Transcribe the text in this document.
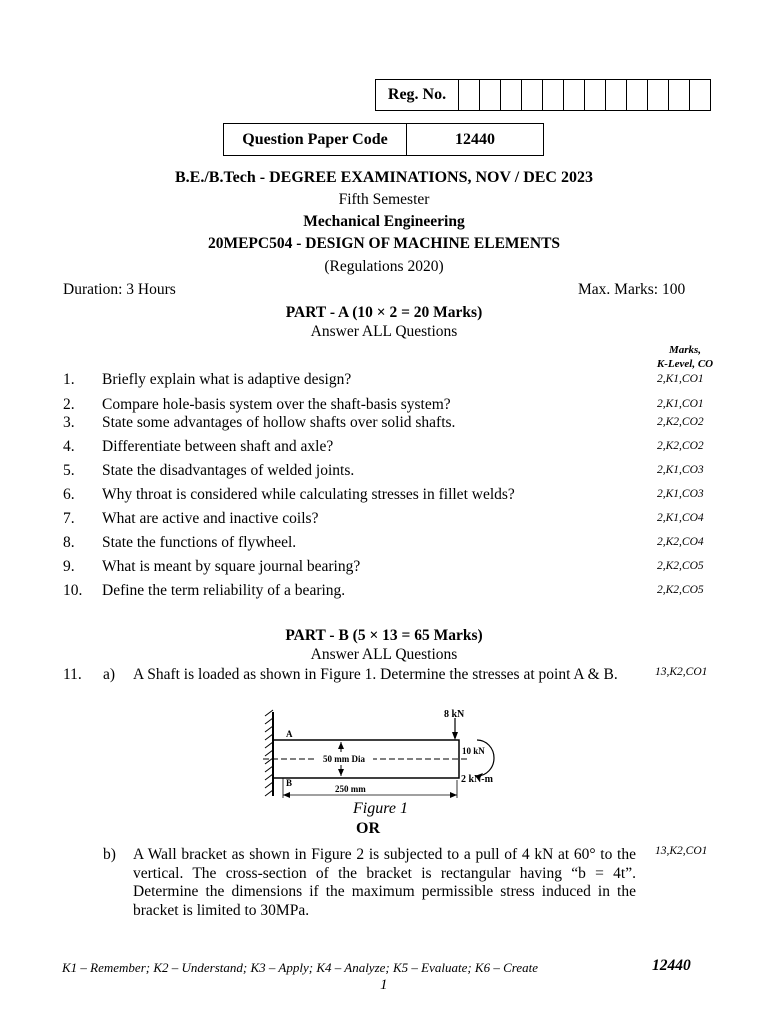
Reg. No.
Question Paper Code	12440
B.E./B.Tech - DEGREE EXAMINATIONS, NOV / DEC 2023
Fifth Semester
Mechanical Engineering
20MEPC504 - DESIGN OF MACHINE ELEMENTS
(Regulations 2020)
Duration: 3 Hours	Max. Marks: 100
PART - A (10 × 2 = 20 Marks)
Answer ALL Questions
Marks,
K-Level, CO
1. Briefly explain what is adaptive design?	2,K1,CO1
2. Compare hole-basis system over the shaft-basis system?	2,K1,CO1
3. State some advantages of hollow shafts over solid shafts.	2,K2,CO2
4. Differentiate between shaft and axle?	2,K2,CO2
5. State the disadvantages of welded joints.	2,K1,CO3
6. Why throat is considered while calculating stresses in fillet welds?	2,K1,CO3
7. What are active and inactive coils?	2,K1,CO4
8. State the functions of flywheel.	2,K2,CO4
9. What is meant by square journal bearing?	2,K2,CO5
10. Define the term reliability of a bearing.	2,K2,CO5
PART - B (5 × 13 = 65 Marks)
Answer ALL Questions
11. a) A Shaft is loaded as shown in Figure 1. Determine the stresses at point A & B.	13,K2,CO1
50 mm Dia
A
B
8 kN
10 kN
2 kN-m
250 mm
Figure 1
OR
b) A Wall bracket as shown in Figure 2 is subjected to a pull of 4 kN at 60° to the vertical. The cross-section of the bracket is rectangular having “b = 4t”. Determine the dimensions if the maximum permissible stress induced in the bracket is limited to 30MPa.
13,K2,CO1
K1 – Remember; K2 – Understand; K3 – Apply; K4 – Analyze; K5 – Evaluate; K6 – Create	12440
1
